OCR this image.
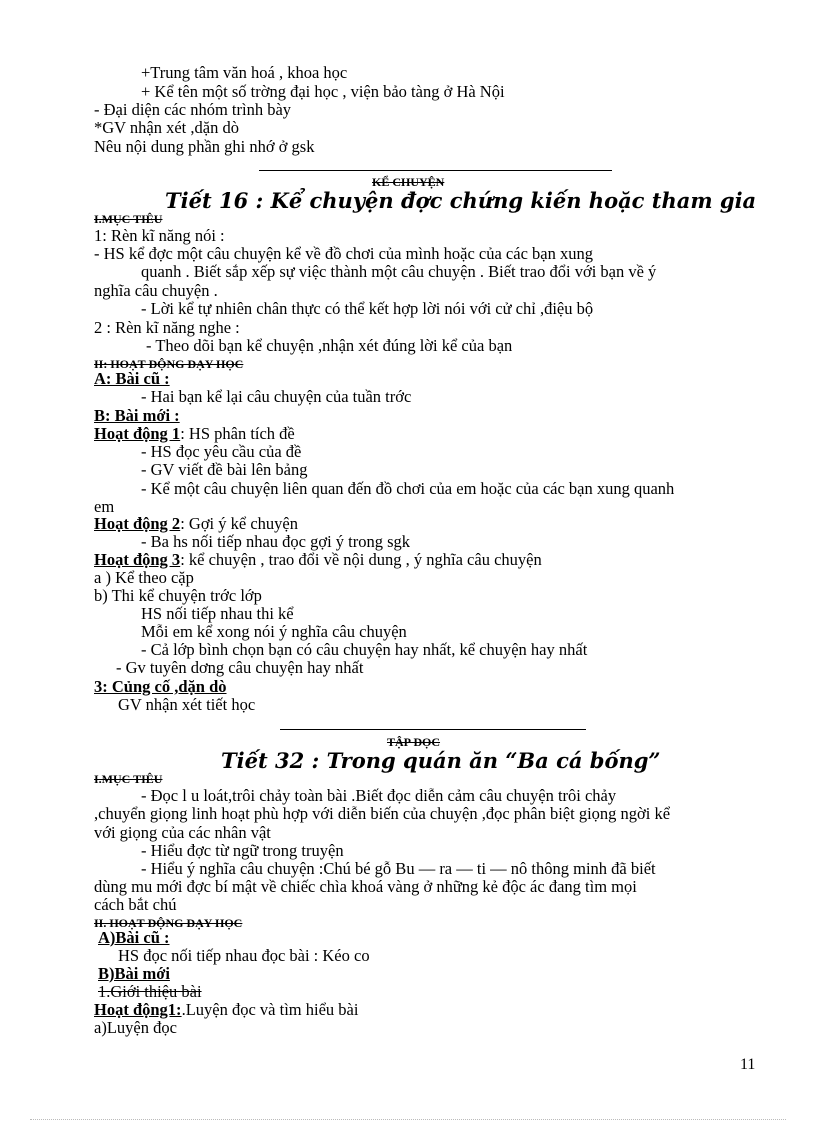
+Trung tâm văn hoá , khoa học
+ Kể tên một số trờng đại học , viện bảo tàng ở Hà Nội
- Đại diện các nhóm trình bày
*GV nhận xét ,dặn dò
Nêu nội dung phần ghi nhớ ở gsk
KỂ CHUYỆN
Tiết 16 : Kể chuyện đợc chứng kiến hoặc tham gia
I.MỤC TIÊU
1: Rèn kĩ năng nói :
- HS kể đợc một câu chuyện kể về đồ chơi của mình hoặc của các bạn xung
quanh . Biết sắp xếp sự việc thành một câu chuyện . Biết trao đổi với bạn về ý
nghĩa câu chuyện .
- Lời kể tự nhiên chân thực có thể kết hợp lời nói với cử chỉ ,điệu bộ
2 : Rèn kĩ năng nghe :
- Theo dõi bạn kể chuyện ,nhận xét đúng lời kể của bạn
II: HOẠT ĐỘNG DẠY HỌC
A: Bài cũ :
- Hai bạn kể lại câu chuyện của tuần trớc
B: Bài mới :
Hoạt động 1: HS phân tích đề
- HS đọc yêu cầu của đề
- GV viết đề bài lên bảng
- Kể một câu chuyện liên quan đến đồ chơi của em hoặc của các bạn xung quanh
em
Hoạt động 2: Gợi ý kể chuyện
- Ba hs nối tiếp nhau đọc gợi ý trong sgk
Hoạt động 3: kể chuyện , trao đổi về nội dung , ý nghĩa câu chuyện
a ) Kể theo cặp
b) Thi kể chuyện trớc lớp
HS nối tiếp nhau thi kể
Mỗi em kể xong nói ý nghĩa câu chuyện
- Cả lớp bình chọn bạn có câu chuyện hay nhất, kể chuyện hay nhất
- Gv tuyên dơng câu chuyện hay nhất
3: Củng cố ,dặn dò
GV nhận xét tiết học
TẬP ĐỌC
Tiết 32 : Trong quán ăn “Ba cá bống”
I.MỤC TIÊU
- Đọc l u loát,trôi chảy toàn bài .Biết đọc diễn cảm câu chuyện trôi chảy
,chuyển giọng linh hoạt phù hợp với diễn biến của chuyện ,đọc phân biệt giọng ngời kể
với giọng của các nhân vật
- Hiểu đợc từ ngữ trong truyện
- Hiểu ý nghĩa câu chuyện :Chú bé gỗ Bu — ra — ti — nô thông minh đã biết
dùng mu mới đợc bí mật về chiếc chìa khoá vàng ở những kẻ độc ác đang tìm mọi
cách bắt chú
II. HOẠT ĐỘNG DẠY HỌC
A)Bài cũ :
HS đọc nối tiếp nhau đọc bài : Kéo co
B)Bài mới
1.Giới thiệu bài
Hoạt động1:.Luyện đọc và tìm hiểu bài
a)Luyện đọc
11
